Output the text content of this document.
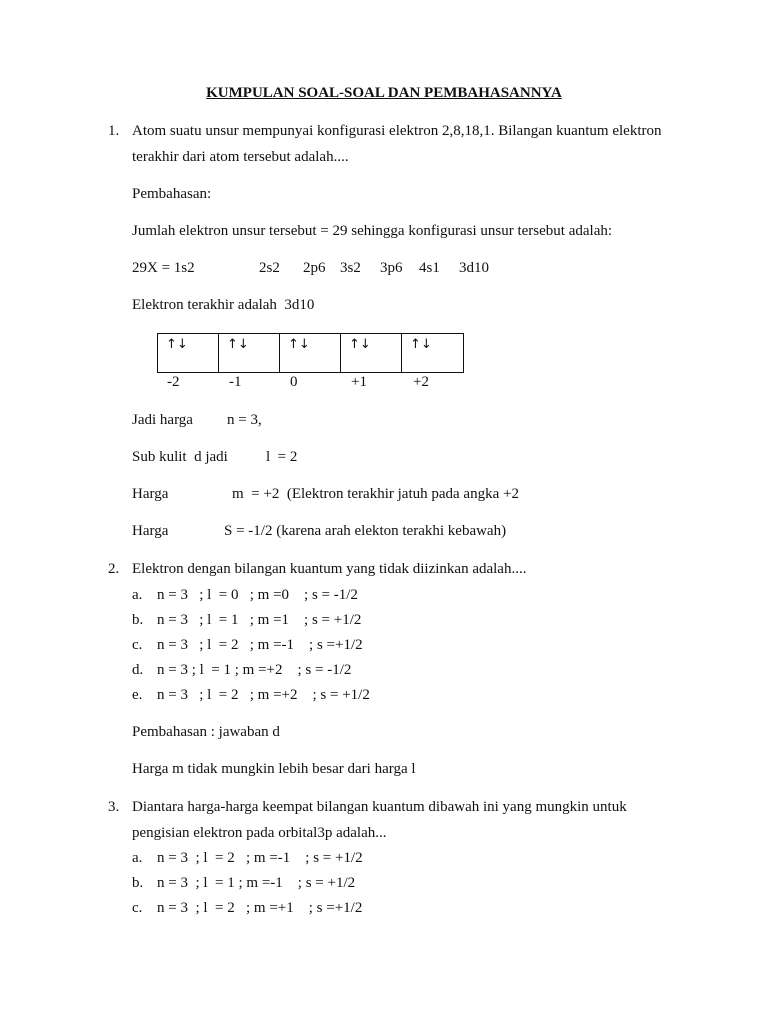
KUMPULAN SOAL-SOAL DAN PEMBAHASANNYA
1. Atom suatu unsur mempunyai konfigurasi elektron 2,8,18,1. Bilangan kuantum elektron
terakhir dari atom tersebut adalah....
Pembahasan:
Jumlah elektron unsur tersebut = 29 sehingga konfigurasi unsur tersebut adalah:
29X = 1s2	2s2 2p6 3s2 3p6 4s1 3d10
Elektron terakhir adalah  3d10
↑↓	↑↓	↑↓	↑↓	↑↓
-2	-1	0	+1	+2
Jadi harga n = 3,
Sub kulit  d jadi	l  = 2
Harga	m  = +2  (Elektron terakhir jatuh pada angka +2
Harga	S = -1/2 (karena arah elekton terakhi kebawah)
2. Elektron dengan bilangan kuantum yang tidak diizinkan adalah....
a. n = 3   ; l  = 0   ; m =0    ; s = -1/2
b. n = 3   ; l  = 1   ; m =1    ; s = +1/2
c. n = 3   ; l  = 2   ; m =-1    ; s =+1/2
d. n = 3 ; l  = 1 ; m =+2    ; s = -1/2
e. n = 3   ; l  = 2   ; m =+2    ; s = +1/2
Pembahasan : jawaban d
Harga m tidak mungkin lebih besar dari harga l
3. Diantara harga-harga keempat bilangan kuantum dibawah ini yang mungkin untuk
pengisian elektron pada orbital3p adalah...
a. n = 3  ; l  = 2   ; m =-1    ; s = +1/2
b. n = 3  ; l  = 1 ; m =-1    ; s = +1/2
c. n = 3  ; l  = 2   ; m =+1    ; s =+1/2
